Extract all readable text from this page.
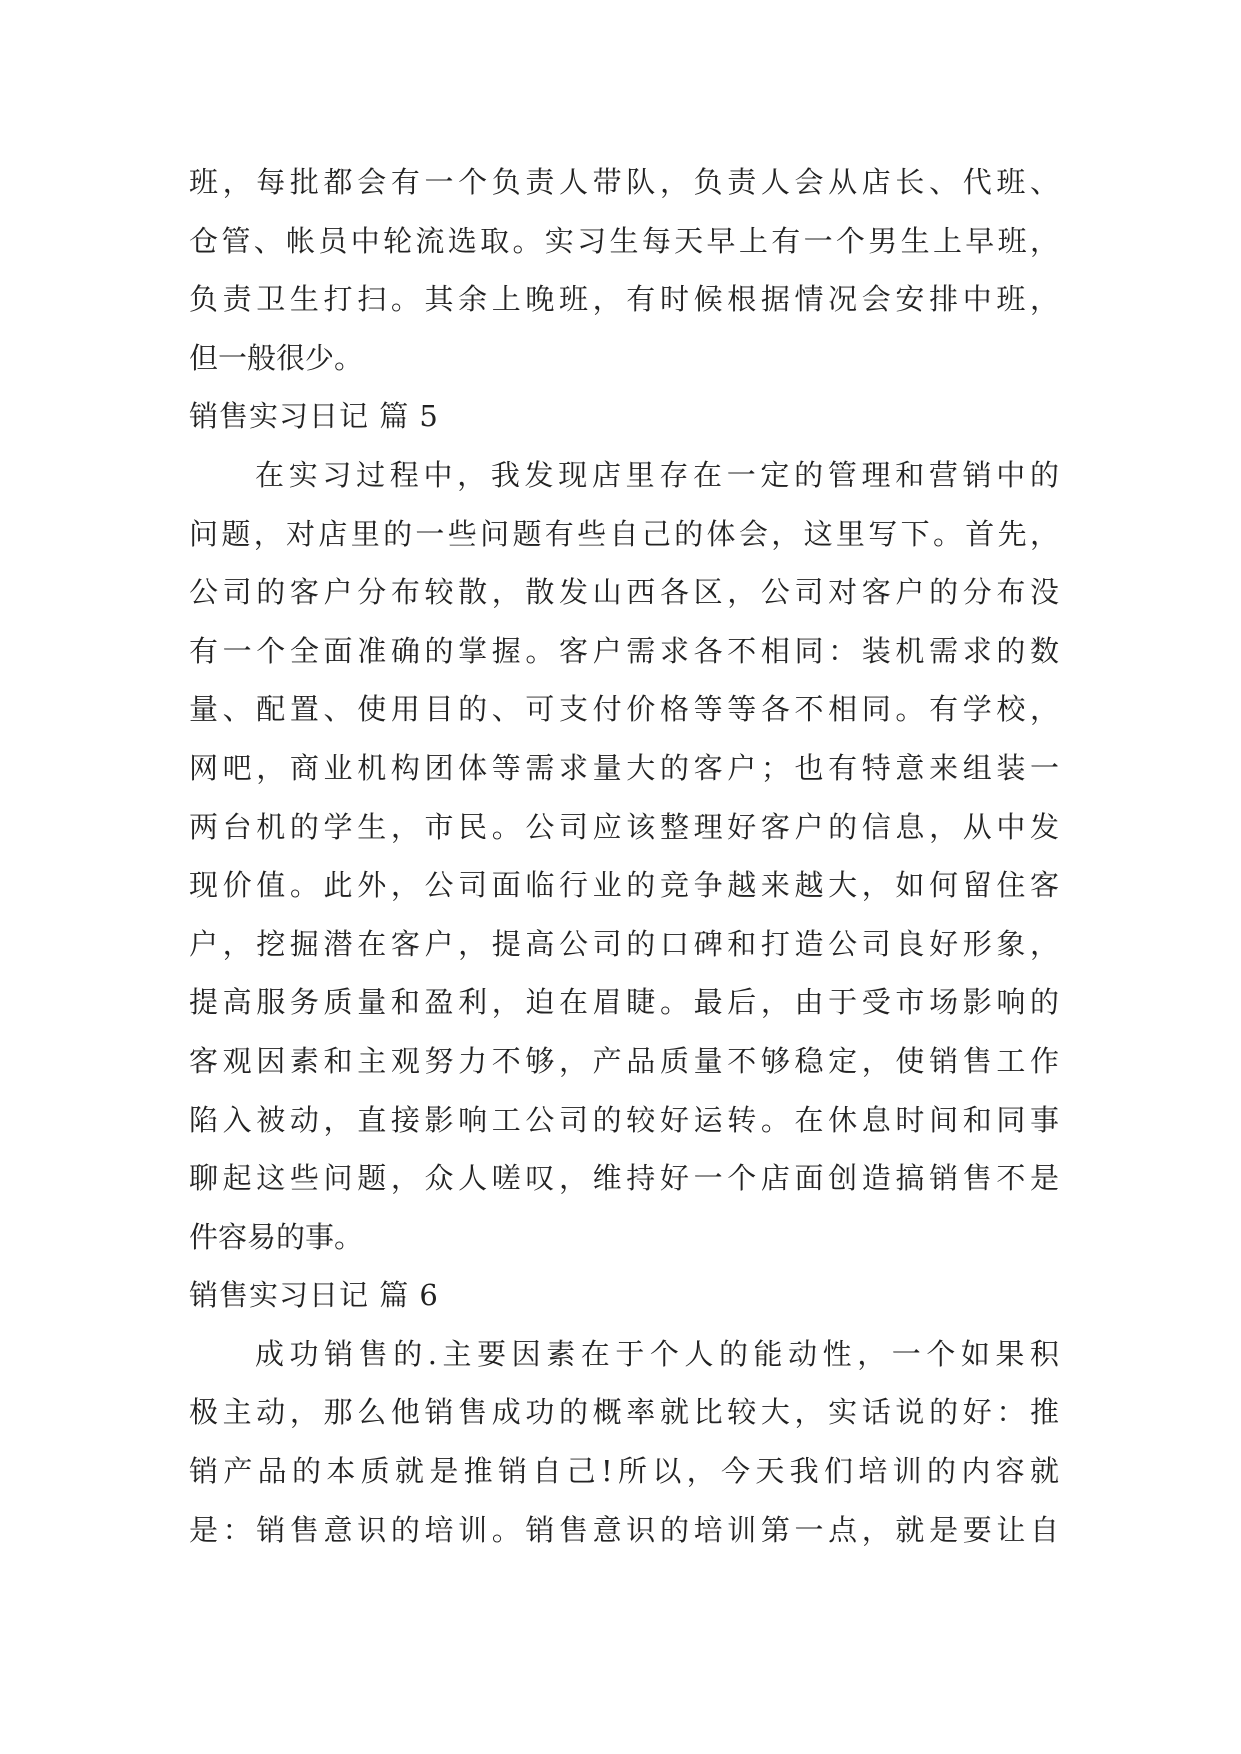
班，每批都会有一个负责人带队，负责人会从店长、代班、
仓管、帐员中轮流选取。实习生每天早上有一个男生上早班，
负责卫生打扫。其余上晚班，有时候根据情况会安排中班，
但一般很少。
销售实习日记 篇 5
在实习过程中，我发现店里存在一定的管理和营销中的
问题，对店里的一些问题有些自己的体会，这里写下。首先，
公司的客户分布较散，散发山西各区，公司对客户的分布没
有一个全面准确的掌握。客户需求各不相同：装机需求的数
量、配置、使用目的、可支付价格等等各不相同。有学校，
网吧，商业机构团体等需求量大的客户；也有特意来组装一
两台机的学生，市民。公司应该整理好客户的信息，从中发
现价值。此外，公司面临行业的竞争越来越大，如何留住客
户，挖掘潜在客户，提高公司的口碑和打造公司良好形象，
提高服务质量和盈利，迫在眉睫。最后，由于受市场影响的
客观因素和主观努力不够，产品质量不够稳定，使销售工作
陷入被动，直接影响工公司的较好运转。在休息时间和同事
聊起这些问题，众人嗟叹，维持好一个店面创造搞销售不是
件容易的事。
销售实习日记 篇 6
成功销售的.主要因素在于个人的能动性，一个如果积
极主动，那么他销售成功的概率就比较大，实话说的好：推
销产品的本质就是推销自己!所以，今天我们培训的内容就
是：销售意识的培训。销售意识的培训第一点，就是要让自
